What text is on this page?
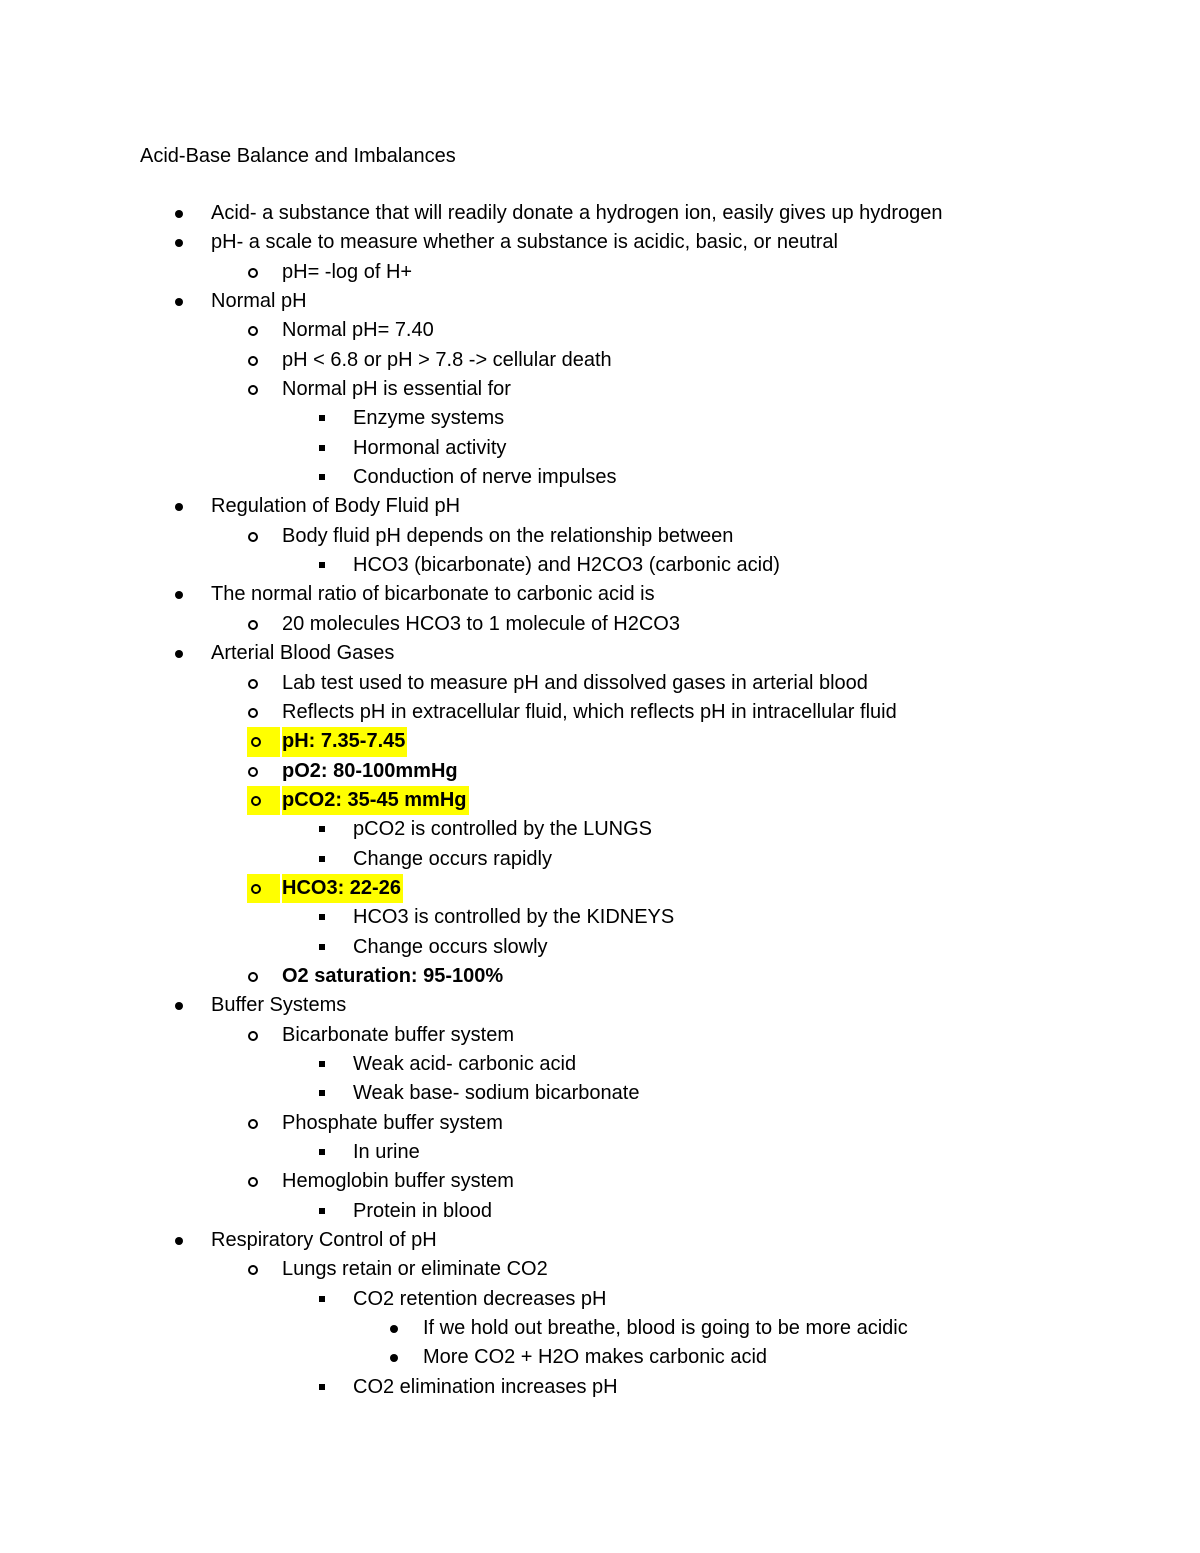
Acid-Base Balance and Imbalances
Acid- a substance that will readily donate a hydrogen ion, easily gives up hydrogen
pH- a scale to measure whether a substance is acidic, basic, or neutral
pH= -log of H+
Normal pH
Normal pH= 7.40
pH < 6.8 or pH > 7.8 -> cellular death
Normal pH is essential for
Enzyme systems
Hormonal activity
Conduction of nerve impulses
Regulation of Body Fluid pH
Body fluid pH depends on the relationship between
HCO3 (bicarbonate) and H2CO3 (carbonic acid)
The normal ratio of bicarbonate to carbonic acid is
20 molecules HCO3 to 1 molecule of H2CO3
Arterial Blood Gases
Lab test used to measure pH and dissolved gases in arterial blood
Reflects pH in extracellular fluid, which reflects pH in intracellular fluid
pH: 7.35-7.45
pO2: 80-100mmHg
pCO2: 35-45 mmHg
pCO2 is controlled by the LUNGS
Change occurs rapidly
HCO3: 22-26
HCO3 is controlled by the KIDNEYS
Change occurs slowly
O2 saturation: 95-100%
Buffer Systems
Bicarbonate buffer system
Weak acid- carbonic acid
Weak base- sodium bicarbonate
Phosphate buffer system
In urine
Hemoglobin buffer system
Protein in blood
Respiratory Control of pH
Lungs retain or eliminate CO2
CO2 retention decreases pH
If we hold out breathe, blood is going to be more acidic
More CO2 + H2O makes carbonic acid
CO2 elimination increases pH
